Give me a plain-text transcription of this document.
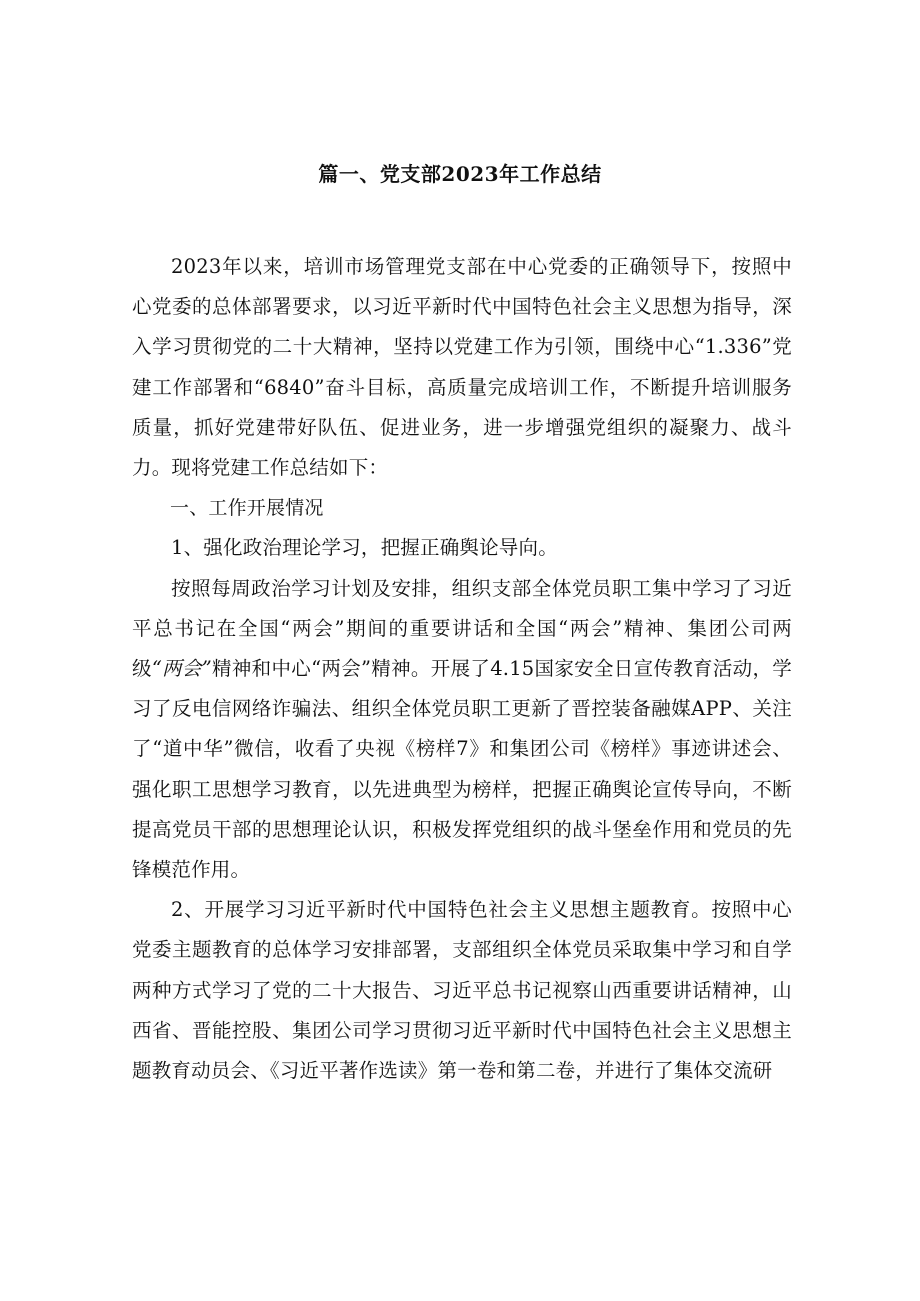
篇一、党支部2023年工作总结

2023年以来，培训市场管理党支部在中心党委的正确领导下，按照中心党委的总体部署要求，以习近平新时代中国特色社会主义思想为指导，深入学习贯彻党的二十大精神，坚持以党建工作为引领，围绕中心“1.336”党建工作部署和“6840”奋斗目标，高质量完成培训工作，不断提升培训服务质量，抓好党建带好队伍、促进业务，进一步增强党组织的凝聚力、战斗力。现将党建工作总结如下：

一、工作开展情况

1、强化政治理论学习，把握正确舆论导向。

按照每周政治学习计划及安排，组织支部全体党员职工集中学习了习近平总书记在全国“两会”期间的重要讲话和全国“两会”精神、集团公司两级“两会”精神和中心“两会”精神。开展了4.15国家安全日宣传教育活动，学习了反电信网络诈骗法、组织全体党员职工更新了晋控装备融媒APP、关注了“道中华”微信，收看了央视《榜样7》和集团公司《榜样》事迹讲述会、强化职工思想学习教育，以先进典型为榜样，把握正确舆论宣传导向，不断提高党员干部的思想理论认识，积极发挥党组织的战斗堡垒作用和党员的先锋模范作用。

2、开展学习习近平新时代中国特色社会主义思想主题教育。按照中心党委主题教育的总体学习安排部署，支部组织全体党员采取集中学习和自学两种方式学习了党的二十大报告、习近平总书记视察山西重要讲话精神，山西省、晋能控股、集团公司学习贯彻习近平新时代中国特色社会主义思想主题教育动员会、《习近平著作选读》第一卷和第二卷，并进行了集体交流研
